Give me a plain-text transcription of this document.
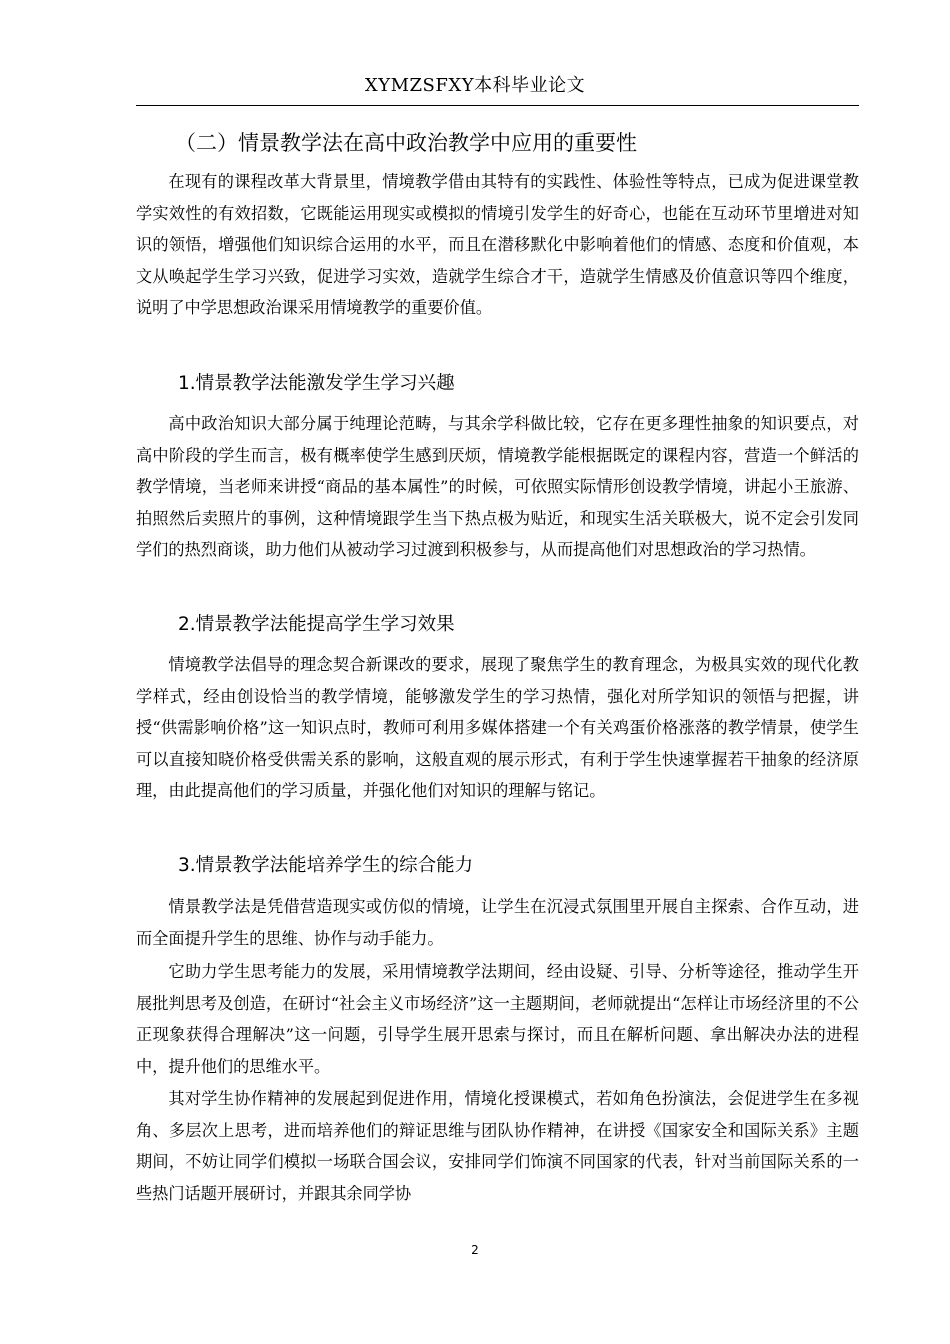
XYMZSFXY本科毕业论文
（二）情景教学法在高中政治教学中应用的重要性

在现有的课程改革大背景里，情境教学借由其特有的实践性、体验性等特点，已成为促进课堂教学实效性的有效招数，它既能运用现实或模拟的情境引发学生的好奇心，也能在互动环节里增进对知识的领悟，增强他们知识综合运用的水平，而且在潜移默化中影响着他们的情感、态度和价值观，本文从唤起学生学习兴致，促进学习实效，造就学生综合才干，造就学生情感及价值意识等四个维度，说明了中学思想政治课采用情境教学的重要价值。

1.情景教学法能激发学生学习兴趣

高中政治知识大部分属于纯理论范畴，与其余学科做比较，它存在更多理性抽象的知识要点，对高中阶段的学生而言，极有概率使学生感到厌烦，情境教学能根据既定的课程内容，营造一个鲜活的教学情境，当老师来讲授“商品的基本属性”的时候，可依照实际情形创设教学情境，讲起小王旅游、拍照然后卖照片的事例，这种情境跟学生当下热点极为贴近，和现实生活关联极大，说不定会引发同学们的热烈商谈，助力他们从被动学习过渡到积极参与，从而提高他们对思想政治的学习热情。

2.情景教学法能提高学生学习效果

情境教学法倡导的理念契合新课改的要求，展现了聚焦学生的教育理念，为极具实效的现代化教学样式，经由创设恰当的教学情境，能够激发学生的学习热情，强化对所学知识的领悟与把握，讲授“供需影响价格”这一知识点时，教师可利用多媒体搭建一个有关鸡蛋价格涨落的教学情景，使学生可以直接知晓价格受供需关系的影响，这般直观的展示形式，有利于学生快速掌握若干抽象的经济原理，由此提高他们的学习质量，并强化他们对知识的理解与铭记。

3.情景教学法能培养学生的综合能力

情景教学法是凭借营造现实或仿似的情境，让学生在沉浸式氛围里开展自主探索、合作互动，进而全面提升学生的思维、协作与动手能力。

它助力学生思考能力的发展，采用情境教学法期间，经由设疑、引导、分析等途径，推动学生开展批判思考及创造，在研讨“社会主义市场经济”这一主题期间，老师就提出“怎样让市场经济里的不公正现象获得合理解决”这一问题，引导学生展开思索与探讨，而且在解析问题、拿出解决办法的进程中，提升他们的思维水平。

其对学生协作精神的发展起到促进作用，情境化授课模式，若如角色扮演法，会促进学生在多视角、多层次上思考，进而培养他们的辩证思维与团队协作精神，在讲授《国家安全和国际关系》主题期间，不妨让同学们模拟一场联合国会议，安排同学们饰演不同国家的代表，针对当前国际关系的一些热门话题开展研讨，并跟其余同学协

2
